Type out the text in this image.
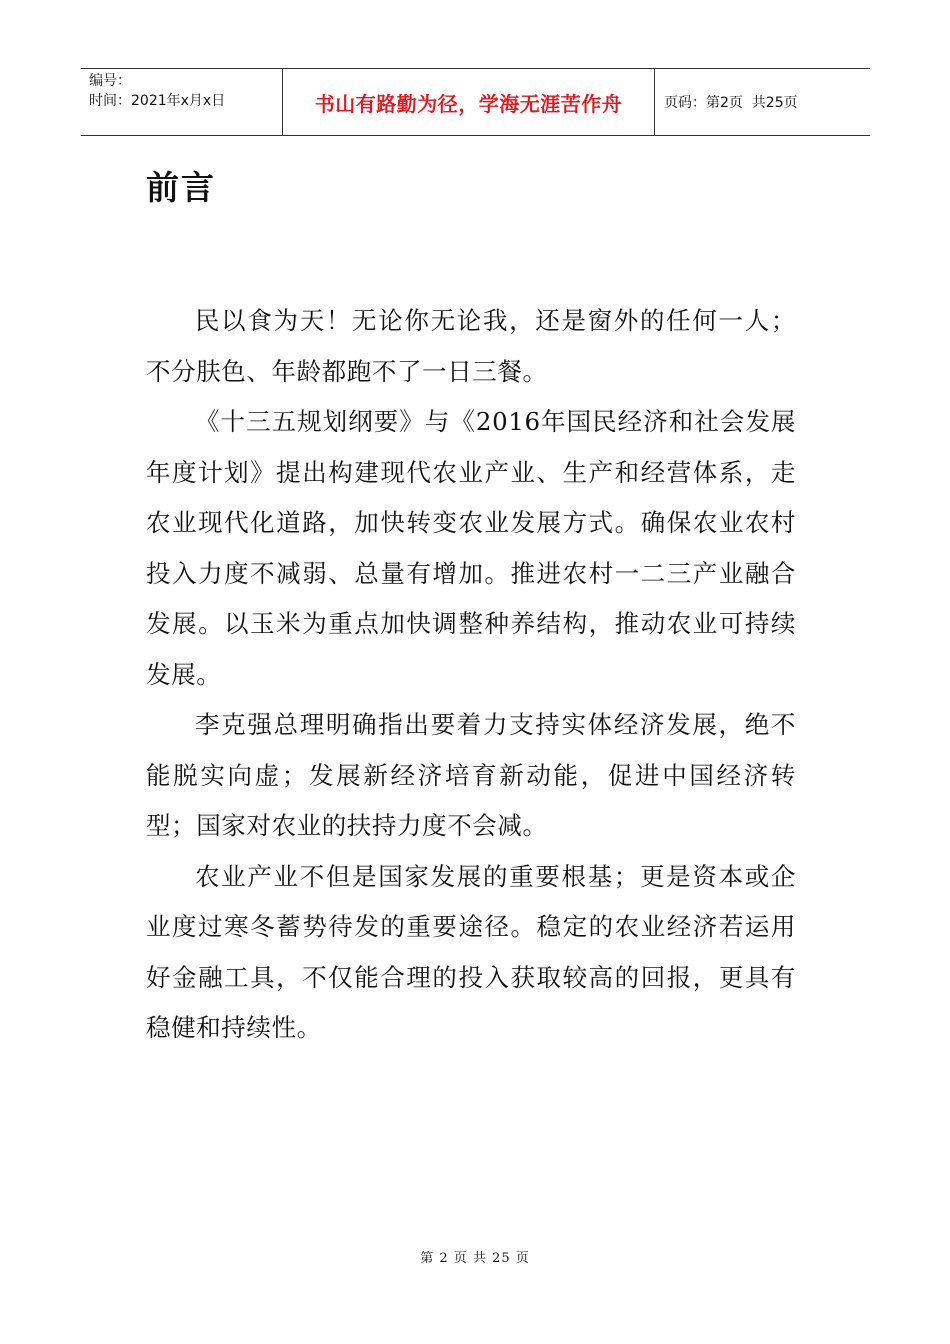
编号：
时间：2021年x月x日	书山有路勤为径，学海无涯苦作舟	页码：第2页  共25页
前言

民以食为天！无论你无论我，还是窗外的任何一人；不分肤色、年龄都跑不了一日三餐。

《十三五规划纲要》与《2016年国民经济和社会发展年度计划》提出构建现代农业产业、生产和经营体系，走农业现代化道路，加快转变农业发展方式。确保农业农村投入力度不减弱、总量有增加。推进农村一二三产业融合发展。以玉米为重点加快调整种养结构，推动农业可持续发展。

李克强总理明确指出要着力支持实体经济发展，绝不能脱实向虚；发展新经济培育新动能，促进中国经济转型；国家对农业的扶持力度不会减。

农业产业不但是国家发展的重要根基；更是资本或企业度过寒冬蓄势待发的重要途径。稳定的农业经济若运用好金融工具，不仅能合理的投入获取较高的回报，更具有稳健和持续性。

第 2 页 共 25 页
